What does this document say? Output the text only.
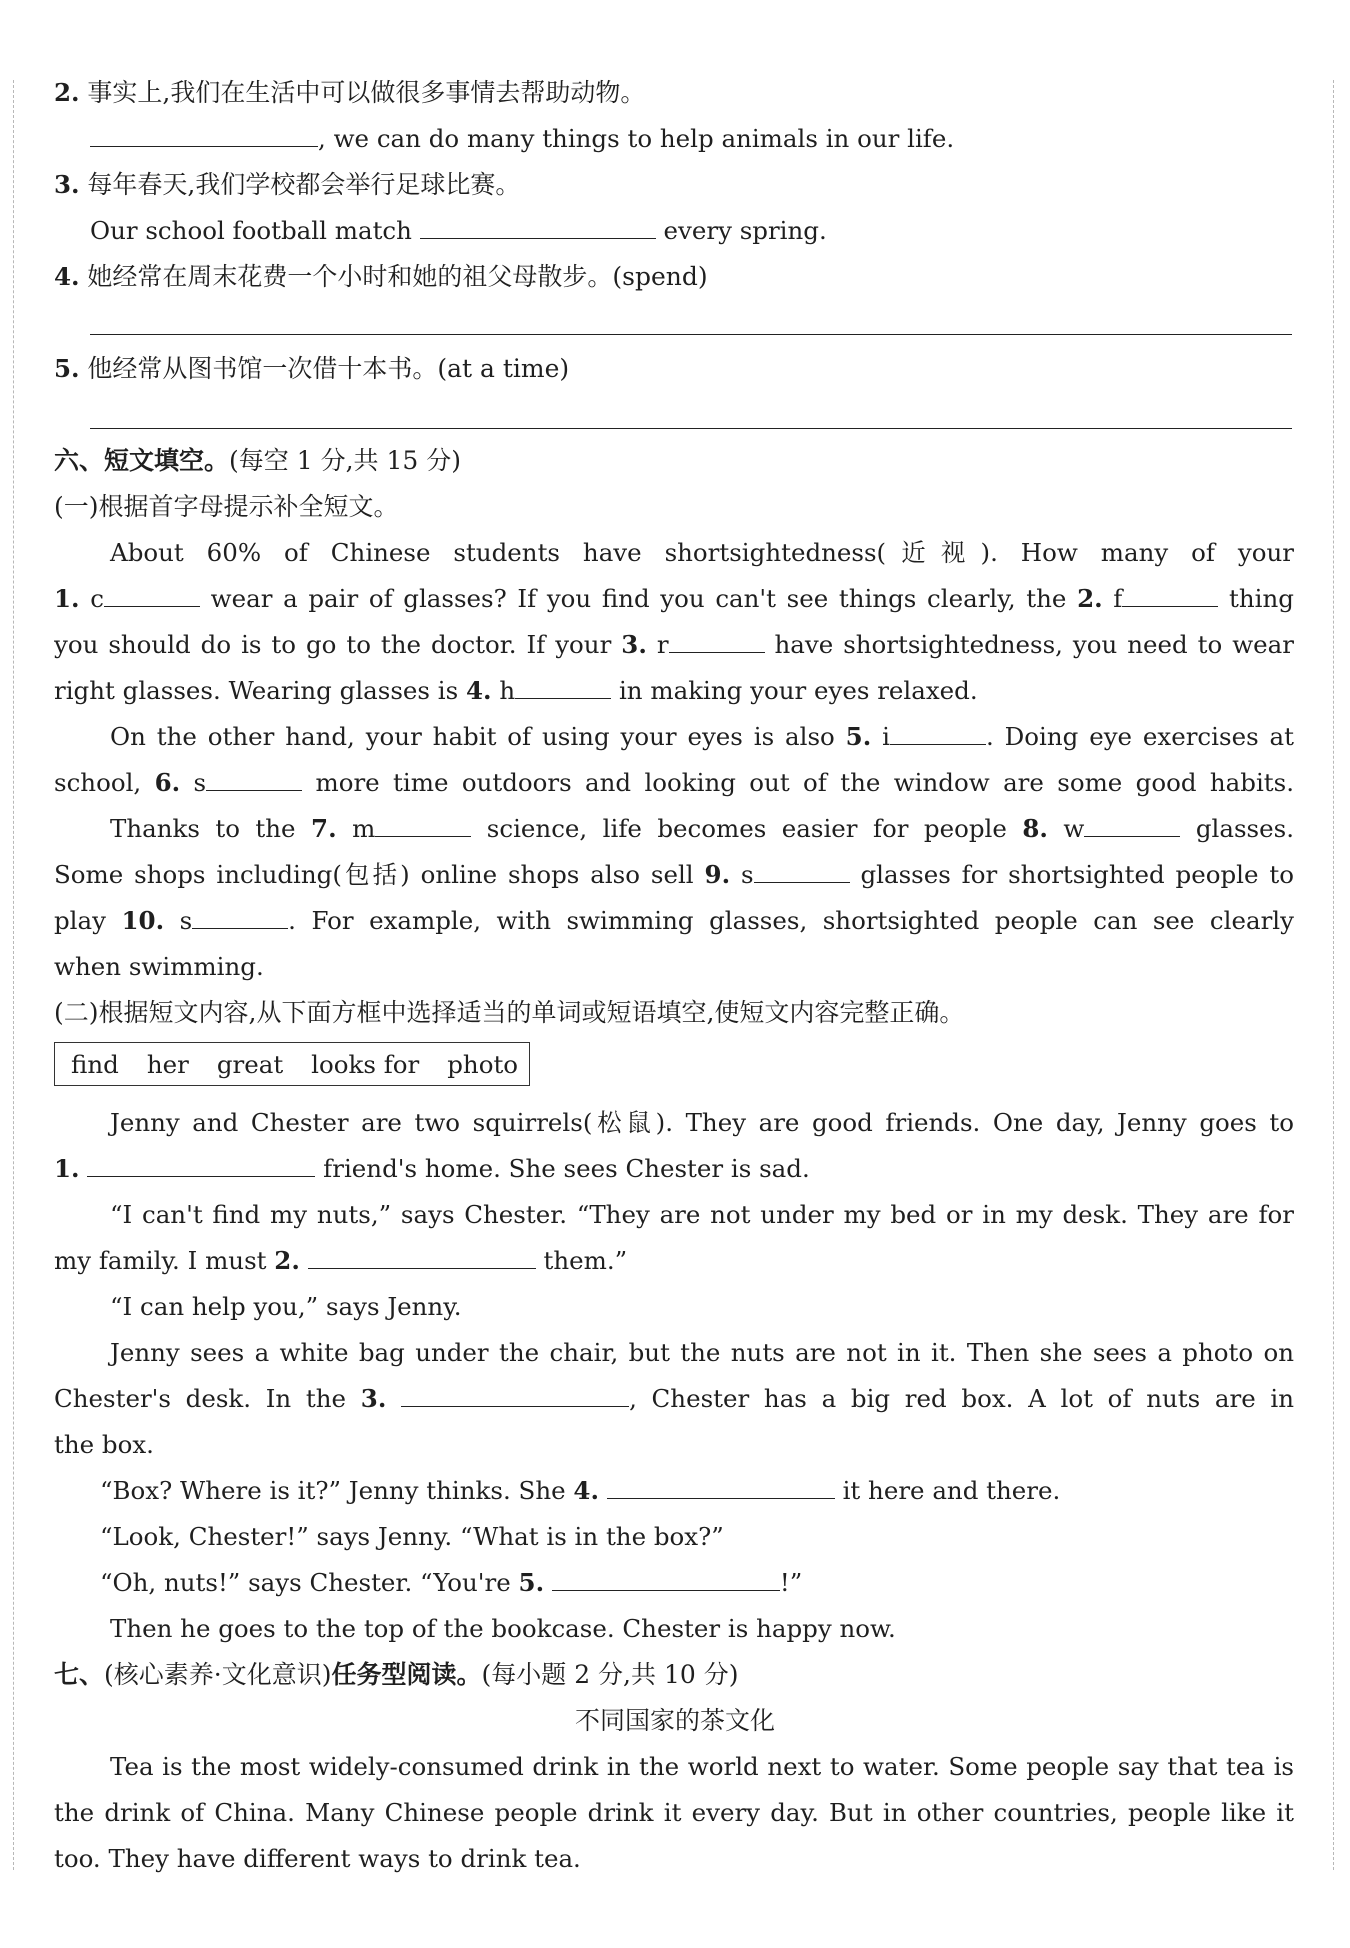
2. 事实上,我们在生活中可以做很多事情去帮助动物。
, we can do many things to help animals in our life.
3. 每年春天,我们学校都会举行足球比赛。
Our school football match	every spring.
4. 她经常在周末花费一个小时和她的祖父母散步。(spend)
5. 他经常从图书馆一次借十本书。(at a time)
六、短文填空。(每空 1 分,共 15 分)
(一)根据首字母提示补全短文。
About 60% of Chinese students have shortsightedness(近视). How many of your
1. c	wear a pair of glasses? If you find you can't see things clearly, the 2. f	thing
you should do is to go to the doctor. If your 3. r	have shortsightedness, you need to wear
right glasses. Wearing glasses is 4. h	in making your eyes relaxed.
On the other hand, your habit of using your eyes is also 5. i	. Doing eye exercises at
school, 6. s	more time outdoors and looking out of the window are some good habits.
Thanks to the 7. m	science, life becomes easier for people 8. w	glasses.
Some shops including(包括) online shops also sell 9. s	glasses for shortsighted people to
play 10. s	. For example, with swimming glasses, shortsighted people can see clearly
when swimming.
(二)根据短文内容,从下面方框中选择适当的单词或短语填空,使短文内容完整正确。
find her great looks for photo
Jenny and Chester are two squirrels(松鼠). They are good friends. One day, Jenny goes to
1.	friend's home. She sees Chester is sad.
“I can't find my nuts,” says Chester. “They are not under my bed or in my desk. They are for
my family. I must 2.	them.”
“I can help you,” says Jenny.
Jenny sees a white bag under the chair, but the nuts are not in it. Then she sees a photo on
Chester's desk. In the 3.	, Chester has a big red box. A lot of nuts are in
the box.
“Box? Where is it?” Jenny thinks. She 4.	it here and there.
“Look, Chester!” says Jenny. “What is in the box?”
“Oh, nuts!” says Chester. “You're 5.	!”
Then he goes to the top of the bookcase. Chester is happy now.
七、(核心素养·文化意识)任务型阅读。(每小题 2 分,共 10 分)
不同国家的茶文化
Tea is the most widely-consumed drink in the world next to water. Some people say that tea is
the drink of China. Many Chinese people drink it every day. But in other countries, people like it
too. They have different ways to drink tea.
